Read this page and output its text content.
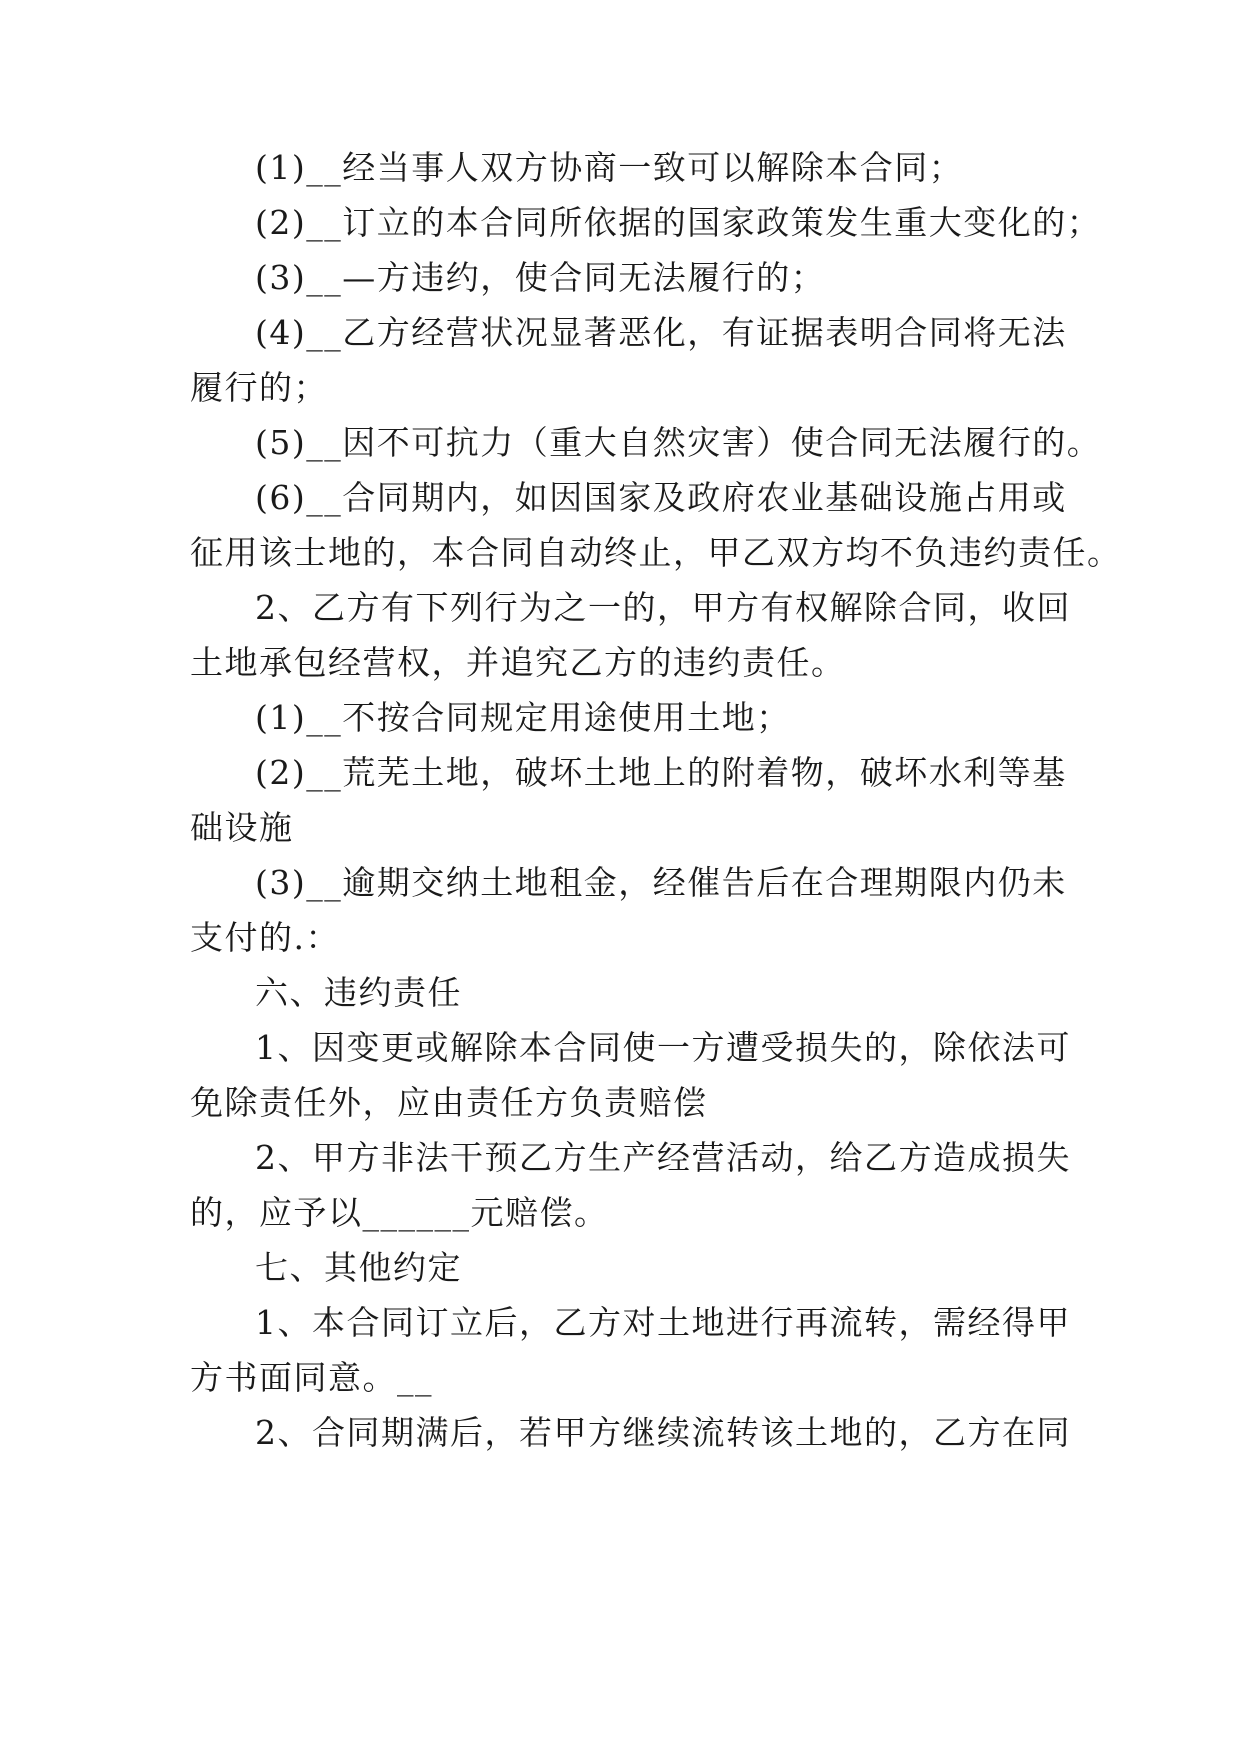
(1)__经当事人双方协商一致可以解除本合同；
(2)__订立的本合同所依据的国家政策发生重大变化的；
(3)__—方违约，使合同无法履行的；
(4)__乙方经营状况显著恶化，有证据表明合同将无法
履行的；
(5)__因不可抗力（重大自然灾害）使合同无法履行的。
(6)__合同期内，如因国家及政府农业基础设施占用或
征用该士地的，本合同自动终止，甲乙双方均不负违约责任。
2、乙方有下列行为之一的，甲方有权解除合同，收回
土地承包经营权，并追究乙方的违约责任。
(1)__不按合同规定用途使用土地；
(2)__荒芜土地，破坏土地上的附着物，破坏水利等基
础设施
(3)__逾期交纳土地租金，经催告后在合理期限内仍未
支付的.：
六、违约责任
1、因变更或解除本合同使一方遭受损失的，除依法可
免除责任外，应由责任方负责赔偿
2、甲方非法干预乙方生产经营活动，给乙方造成损失
的，应予以______元赔偿。
七、其他约定
1、本合同订立后，乙方对土地进行再流转，需经得甲
方书面同意。__
2、合同期满后，若甲方继续流转该土地的，乙方在同
